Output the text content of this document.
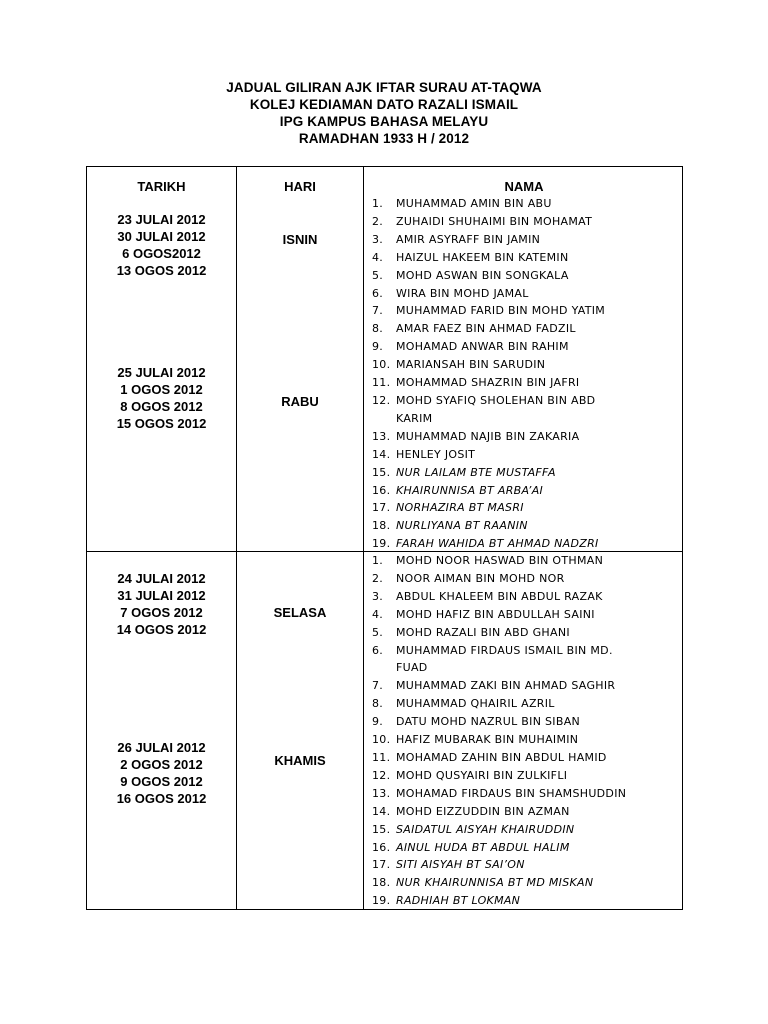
JADUAL GILIRAN AJK IFTAR SURAU AT-TAQWA
KOLEJ KEDIAMAN DATO RAZALI ISMAIL
IPG KAMPUS BAHASA MELAYU
RAMADHAN 1933 H / 2012
TARIKH	HARI	NAMA
23 JULAI 2012
30 JULAI 2012
6 OGOS2012
13 OGOS 2012
ISNIN
25 JULAI 2012
1 OGOS 2012
8 OGOS 2012
15 OGOS 2012
RABU
1. MUHAMMAD AMIN BIN ABU
2. ZUHAIDI SHUHAIMI BIN MOHAMAT
3. AMIR ASYRAFF BIN JAMIN
4. HAIZUL HAKEEM BIN KATEMIN
5. MOHD ASWAN BIN SONGKALA
6. WIRA BIN MOHD JAMAL
7. MUHAMMAD FARID BIN MOHD YATIM
8. AMAR FAEZ BIN AHMAD FADZIL
9. MOHAMAD ANWAR BIN RAHIM
10. MARIANSAH BIN SARUDIN
11. MOHAMMAD SHAZRIN BIN JAFRI
12. MOHD SYAFIQ SHOLEHAN BIN ABD
KARIM
13. MUHAMMAD NAJIB BIN ZAKARIA
14. HENLEY JOSIT
15. NUR LAILAM BTE MUSTAFFA
16. KHAIRUNNISA BT ARBA’AI
17. NORHAZIRA BT MASRI
18. NURLIYANA BT RAANIN
19. FARAH WAHIDA BT AHMAD NADZRI
24 JULAI 2012
31 JULAI 2012
7 OGOS 2012
14 OGOS 2012
SELASA
26 JULAI 2012
2 OGOS 2012
9 OGOS 2012
16 OGOS 2012
KHAMIS
1. MOHD NOOR HASWAD BIN OTHMAN
2. NOOR AIMAN BIN MOHD NOR
3. ABDUL KHALEEM BIN ABDUL RAZAK
4. MOHD HAFIZ BIN ABDULLAH SAINI
5. MOHD RAZALI BIN ABD GHANI
6. MUHAMMAD FIRDAUS ISMAIL BIN MD.
FUAD
7. MUHAMMAD ZAKI BIN AHMAD SAGHIR
8. MUHAMMAD QHAIRIL AZRIL
9. DATU MOHD NAZRUL BIN SIBAN
10. HAFIZ MUBARAK BIN MUHAIMIN
11. MOHAMAD ZAHIN BIN ABDUL HAMID
12. MOHD QUSYAIRI BIN ZULKIFLI
13. MOHAMAD FIRDAUS BIN SHAMSHUDDIN
14. MOHD EIZZUDDIN BIN AZMAN
15. SAIDATUL AISYAH KHAIRUDDIN
16. AINUL HUDA BT ABDUL HALIM
17. SITI AISYAH BT SAI’ON
18. NUR KHAIRUNNISA BT MD MISKAN
19. RADHIAH BT LOKMAN
